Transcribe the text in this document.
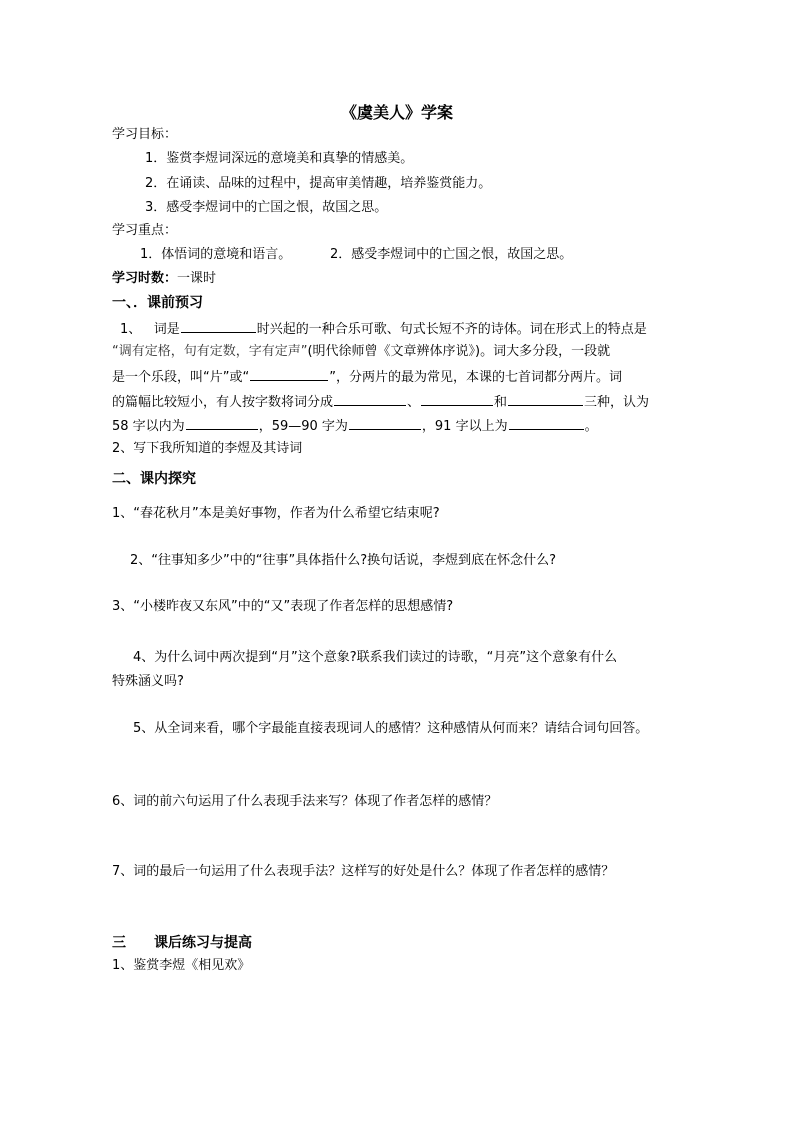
《虞美人》学案
学习目标：
1．鉴赏李煜词深远的意境美和真挚的情感美。
2．在诵读、品味的过程中，提高审美情趣，培养鉴赏能力。
3．感受李煜词中的亡国之恨，故国之思。
学习重点：
1．体悟词的意境和语言。	2．感受李煜词中的亡国之恨，故国之思。
学习时数：一课时
一、．课前预习
1、 词是	时兴起的一种合乐可歌、句式长短不齐的诗体。词在形式上的特点是
“调有定格，句有定数，字有定声”(明代徐师曾《文章辨体序说》)。词大多分段，一段就
是一个乐段，叫“片”或“	”，分两片的最为常见，本课的七首词都分两片。词
的篇幅比较短小，有人按字数将词分成	、	和	三种，认为
58 字以内为	，59—90 字为	，91 字以上为	。
2、写下我所知道的李煜及其诗词
二、课内探究
1、“春花秋月”本是美好事物，作者为什么希望它结束呢?
2、“往事知多少”中的“往事”具体指什么?换句话说，李煜到底在怀念什么?
3、“小楼昨夜又东风”中的“又”表现了作者怎样的思想感情?
4、为什么词中两次提到“月”这个意象?联系我们读过的诗歌，“月亮”这个意象有什么
特殊涵义吗?
5、从全词来看，哪个字最能直接表现词人的感情？这种感情从何而来？请结合词句回答。
6、词的前六句运用了什么表现手法来写？体现了作者怎样的感情？
7、词的最后一句运用了什么表现手法？这样写的好处是什么？体现了作者怎样的感情？
三 课后练习与提高
1、鉴赏李煜《相见欢》
